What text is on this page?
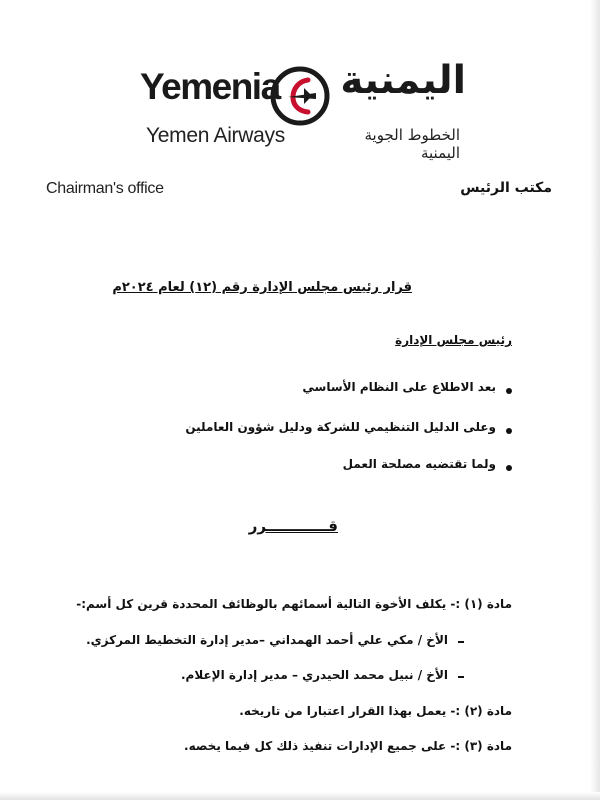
Yemenia
Yemen Airways
اليمنية
الخطوط الجوية اليمنية
Chairman's office	مكتب الرئيس
قرار رئيس مجلس الإدارة رقم (١٢) لعام ٢٠٢٤م
رئيس مجلس الإدارة
بعد الاطلاع على النظام الأساسي
وعلى الدليل التنظيمي للشركة ودليل شؤون العاملين
ولما تقتضيه مصلحة العمل
قــــــــــــرر
مادة (١) :- يكلف الأخوة التالية أسمائهم بالوظائف المحددة قرين كل أسم:-
الأخ / مكي علي أحمد الهمداني –مدير إدارة التخطيط المركزي.
الأخ / نبيل محمد الحيدري – مدير إدارة الإعلام.
مادة (٢) :- يعمل بهذا القرار اعتبارا من تاريخه.
مادة (٣) :- على جميع الإدارات تنفيذ ذلك كل فيما يخصه.
